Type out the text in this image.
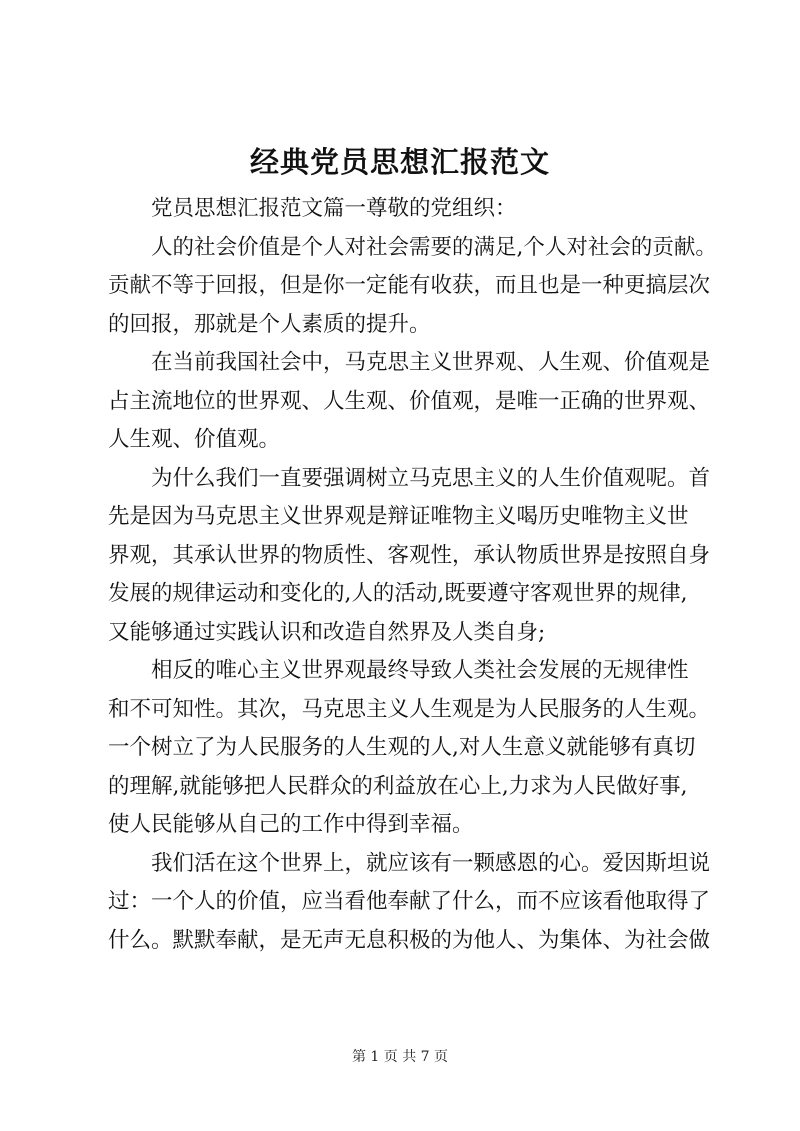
经典党员思想汇报范文

党员思想汇报范文篇一尊敬的党组织：

人的社会价值是个人对社会需要的满足,个人对社会的贡献。
贡献不等于回报，但是你一定能有收获，而且也是一种更搞层次
的回报，那就是个人素质的提升。

在当前我国社会中，马克思主义世界观、人生观、价值观是
占主流地位的世界观、人生观、价值观，是唯一正确的世界观、
人生观、价值观。

为什么我们一直要强调树立马克思主义的人生价值观呢。首
先是因为马克思主义世界观是辩证唯物主义喝历史唯物主义世
界观，其承认世界的物质性、客观性，承认物质世界是按照自身
发展的规律运动和变化的,人的活动,既要遵守客观世界的规律,
又能够通过实践认识和改造自然界及人类自身;

相反的唯心主义世界观最终导致人类社会发展的无规律性
和不可知性。其次，马克思主义人生观是为人民服务的人生观。
一个树立了为人民服务的人生观的人,对人生意义就能够有真切
的理解,就能够把人民群众的利益放在心上,力求为人民做好事,
使人民能够从自己的工作中得到幸福。

我们活在这个世界上，就应该有一颗感恩的心。爱因斯坦说
过：一个人的价值，应当看他奉献了什么，而不应该看他取得了
什么。默默奉献，是无声无息积极的为他人、为集体、为社会做

第 1 页 共 7 页
